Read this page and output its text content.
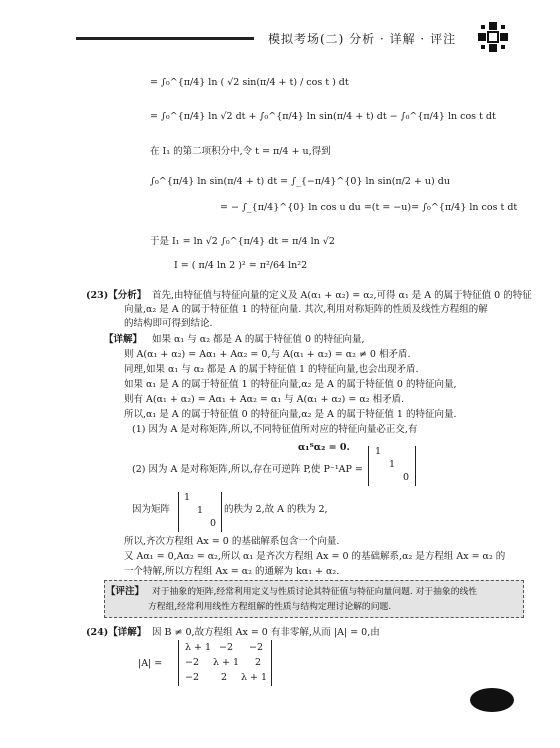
模拟考场(二) 分析 · 详解 · 评注
= ∫₀^{π/4} ln ( √2 sin(π/4 + t) / cos t ) dt
= ∫₀^{π/4} ln √2 dt + ∫₀^{π/4} ln sin(π/4 + t) dt − ∫₀^{π/4} ln cos t dt
在 I₁ 的第二项积分中,令 t = π/4 + u,得到
∫₀^{π/4} ln sin(π/4 + t) dt = ∫_{−π/4}^{0} ln sin(π/2 + u) du
= − ∫_{π/4}^{0} ln cos u du =(t = −u)= ∫₀^{π/4} ln cos t dt
于是 I₁ = ln √2 ∫₀^{π/4} dt = π/4 ln √2
I = ( π/4 ln 2 )² = π²/64 ln²2
(23)【分析】 首先,由特征值与特征向量的定义及 A(α₁ + α₂) = α₂,可得 α₁ 是 A 的属于特征值 0 的特征
向量,α₂ 是 A 的属于特征值 1 的特征向量. 其次,利用对称矩阵的性质及线性方程组的解
的结构即可得到结论.
【详解】 如果 α₁ 与 α₂ 都是 A 的属于特征值 0 的特征向量,
则 A(α₁ + α₂) = Aα₁ + Aα₂ = 0,与 A(α₁ + α₂) = α₂ ≠ 0 相矛盾.
同理,如果 α₁ 与 α₂ 都是 A 的属于特征值 1 的特征向量,也会出现矛盾.
如果 α₁ 是 A 的属于特征值 1 的特征向量,α₂ 是 A 的属于特征值 0 的特征向量,
则有 A(α₁ + α₂) = Aα₁ + Aα₂ = α₁ 与 A(α₁ + α₂) = α₂ 相矛盾.
所以,α₁ 是 A 的属于特征值 0 的特征向量,α₂ 是 A 的属于特征值 1 的特征向量.
(1) 因为 A 是对称矩阵,所以,不同特征值所对应的特征向量必正交,有
α₁ᵀα₂ = 0.
(2) 因为 A 是对称矩阵,所以,存在可逆阵 P,使 P⁻¹AP =
1
1
0
因为矩阵
1
1
0
的秩为 2,故 A 的秩为 2,
所以,齐次方程组 Ax = 0 的基础解系包含一个向量.
又 Aα₁ = 0,Aα₂ = α₂,所以 α₁ 是齐次方程组 Ax = 0 的基础解系,α₂ 是方程组 Ax = α₂ 的
一个特解,所以方程组 Ax = α₂ 的通解为 kα₁ + α₂.
【评注】 对于抽象的矩阵,经常利用定义与性质讨论其特征值与特征向量问题. 对于抽象的线性
方程组,经常利用线性方程组解的性质与结构定理讨论解的问题.
(24)【详解】 因 B ≠ 0,故方程组 Ax = 0 有非零解,从而 |A| = 0,由
|A| =
λ + 1 −2 −2
−2 λ + 1 2
−2 2 λ + 1
